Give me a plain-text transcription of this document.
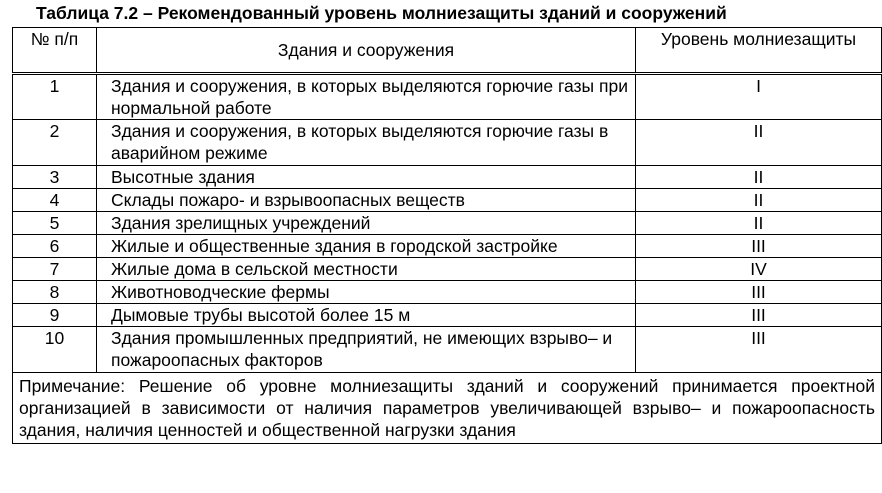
Таблица 7.2 – Рекомендованный уровень молниезащиты зданий и сооружений
№ п/п	Здания и сооружения	Уровень молниезащиты
1	Здания и сооружения, в которых выделяются горючие газы при нормальной работе	I
2	Здания и сооружения, в которых выделяются горючие газы в аварийном режиме	II
3	Высотные здания	II
4	Склады пожаро- и взрывоопасных веществ	II
5	Здания зрелищных учреждений	II
6	Жилые и общественные здания в городской застройке	III
7	Жилые дома в сельской местности	IV
8	Животноводческие фермы	III
9	Дымовые трубы высотой более 15 м	III
10	Здания промышленных предприятий, не имеющих взрыво– и пожароопасных факторов	III
Примечание: Решение об уровне молниезащиты зданий и сооружений принимается проектной организацией в зависимости от наличия параметров увеличивающей взрыво– и пожароопасность здания, наличия ценностей и общественной нагрузки здания		
